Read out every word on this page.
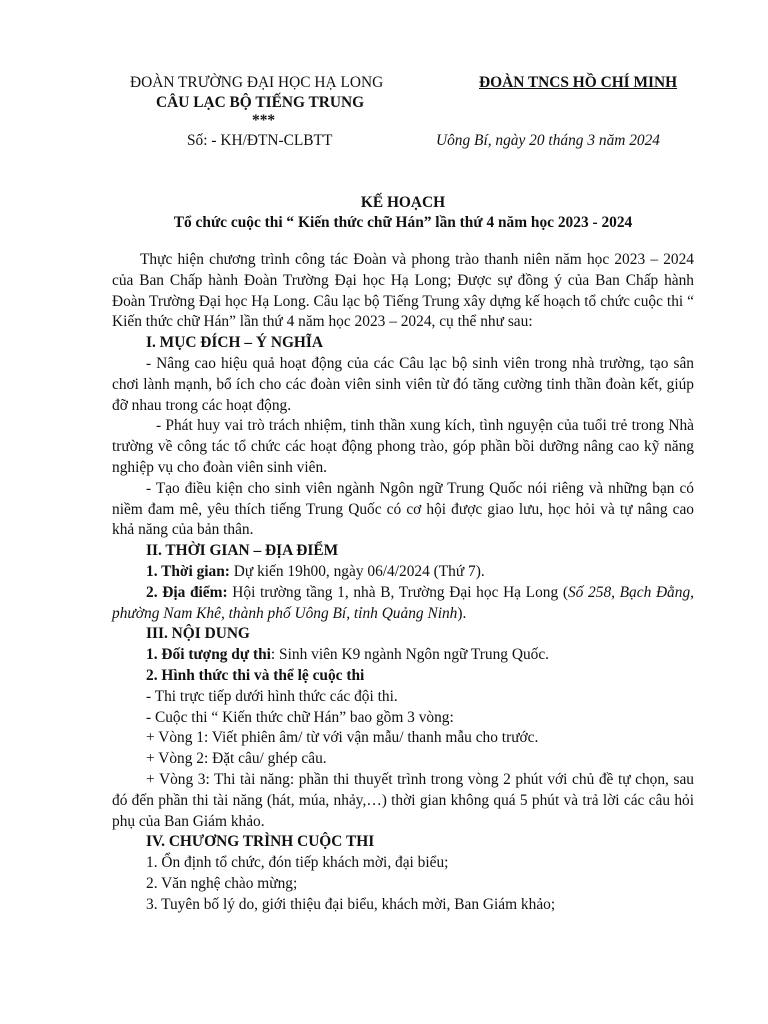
ĐOÀN TRƯỜNG ĐẠI HỌC HẠ LONG
CÂU LẠC BỘ TIẾNG TRUNG
***
Số: - KH/ĐTN-CLBTT
ĐOÀN TNCS HỒ CHÍ MINH
Uông Bí, ngày 20 tháng 3 năm 2024
KẾ HOẠCH
Tổ chức cuộc thi “ Kiến thức chữ Hán” lần thứ 4 năm học 2023 - 2024

Thực hiện chương trình công tác Đoàn và phong trào thanh niên năm học 2023 – 2024 của Ban Chấp hành Đoàn Trường Đại học Hạ Long; Được sự đồng ý của Ban Chấp hành Đoàn Trường Đại học Hạ Long. Câu lạc bộ Tiếng Trung xây dựng kế hoạch tổ chức cuộc thi “ Kiến thức chữ Hán” lần thứ 4 năm học 2023 – 2024, cụ thể như sau:

I. MỤC ĐÍCH – Ý NGHĨA

- Nâng cao hiệu quả hoạt động của các Câu lạc bộ sinh viên trong nhà trường, tạo sân chơi lành mạnh, bổ ích cho các đoàn viên sinh viên từ đó tăng cường tinh thần đoàn kết, giúp đỡ nhau trong các hoạt động.

- Phát huy vai trò trách nhiệm, tinh thần xung kích, tình nguyện của tuổi trẻ trong Nhà trường về công tác tổ chức các hoạt động phong trào, góp phần bồi dưỡng nâng cao kỹ năng nghiệp vụ cho đoàn viên sinh viên.

- Tạo điều kiện cho sinh viên ngành Ngôn ngữ Trung Quốc nói riêng và những bạn có niềm đam mê, yêu thích tiếng Trung Quốc có cơ hội được giao lưu, học hỏi và tự nâng cao khả năng của bản thân.

II. THỜI GIAN – ĐỊA ĐIỂM

1. Thời gian: Dự kiến 19h00, ngày 06/4/2024 (Thứ 7).

2. Địa điểm: Hội trường tầng 1, nhà B, Trường Đại học Hạ Long (Số 258, Bạch Đằng, phường Nam Khê, thành phố Uông Bí, tỉnh Quảng Ninh).

III. NỘI DUNG

1. Đối tượng dự thi: Sinh viên K9 ngành Ngôn ngữ Trung Quốc.

2. Hình thức thi và thể lệ cuộc thi

- Thi trực tiếp dưới hình thức các đội thi.

- Cuộc thi “ Kiến thức chữ Hán” bao gồm 3 vòng:

+ Vòng 1: Viết phiên âm/ từ với vận mẫu/ thanh mẫu cho trước.

+ Vòng 2: Đặt câu/ ghép câu.

+ Vòng 3: Thi tài năng: phần thi thuyết trình trong vòng 2 phút với chủ đề tự chọn, sau đó đến phần thi tài năng (hát, múa, nhảy,…) thời gian không quá 5 phút và trả lời các câu hỏi phụ của Ban Giám khảo.

IV. CHƯƠNG TRÌNH CUỘC THI

1. Ổn định tổ chức, đón tiếp khách mời, đại biểu;

2. Văn nghệ chào mừng;

3. Tuyên bố lý do, giới thiệu đại biểu, khách mời, Ban Giám khảo;
